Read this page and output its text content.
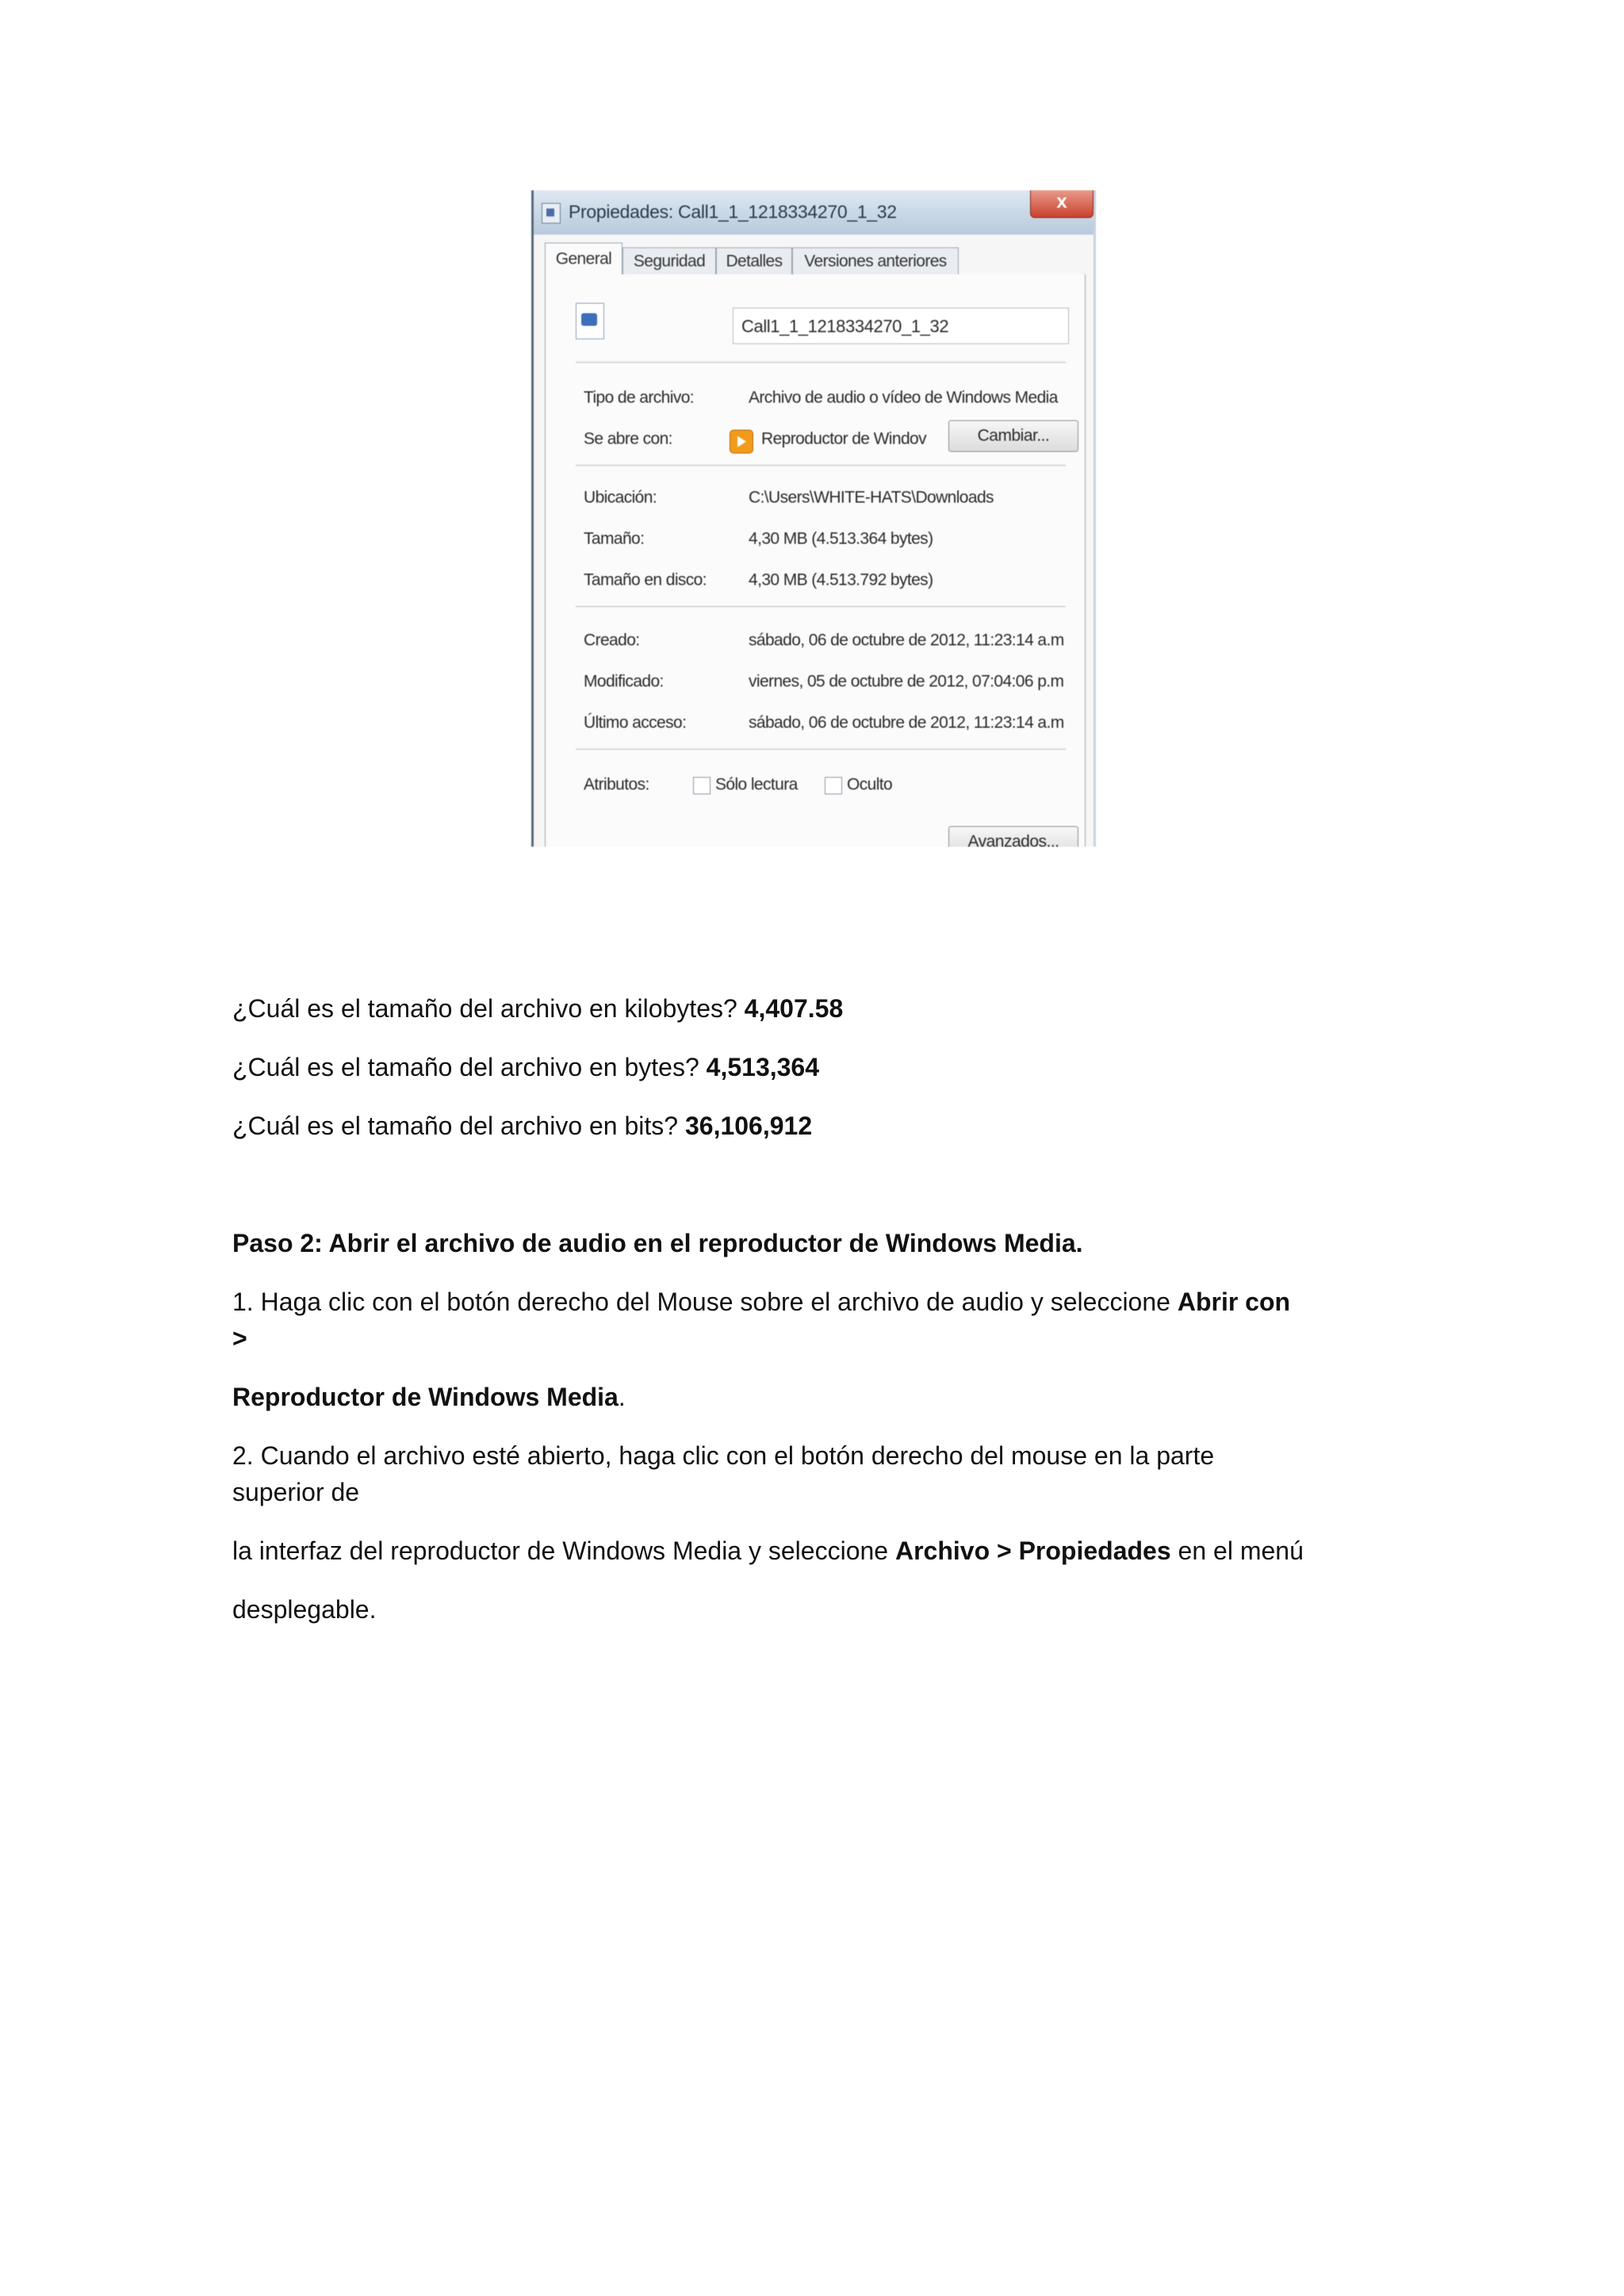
Propiedades: Call1_1_1218334270_1_32	x
General	Seguridad	Detalles	Versiones anteriores
Call1_1_1218334270_1_32
Tipo de archivo:	Archivo de audio o vídeo de Windows Media
Se abre con:	Reproductor de Windov	Cambiar...
Ubicación:	C:\Users\WHITE-HATS\Downloads
Tamaño:	4,30 MB (4.513.364 bytes)
Tamaño en disco:	4,30 MB (4.513.792 bytes)
Creado:	sábado, 06 de octubre de 2012, 11:23:14 a.m
Modificado:	viernes, 05 de octubre de 2012, 07:04:06 p.m
Último acceso:	sábado, 06 de octubre de 2012, 11:23:14 a.m
Atributos:	Sólo lectura	Oculto
Avanzados...

¿Cuál es el tamaño del archivo en kilobytes? 4,407.58

¿Cuál es el tamaño del archivo en bytes? 4,513,364

¿Cuál es el tamaño del archivo en bits? 36,106,912

Paso 2: Abrir el archivo de audio en el reproductor de Windows Media.

1. Haga clic con el botón derecho del Mouse sobre el archivo de audio y seleccione Abrir con

>

Reproductor de Windows Media.

2. Cuando el archivo esté abierto, haga clic con el botón derecho del mouse en la parte

superior de

la interfaz del reproductor de Windows Media y seleccione Archivo > Propiedades en el menú

desplegable.
